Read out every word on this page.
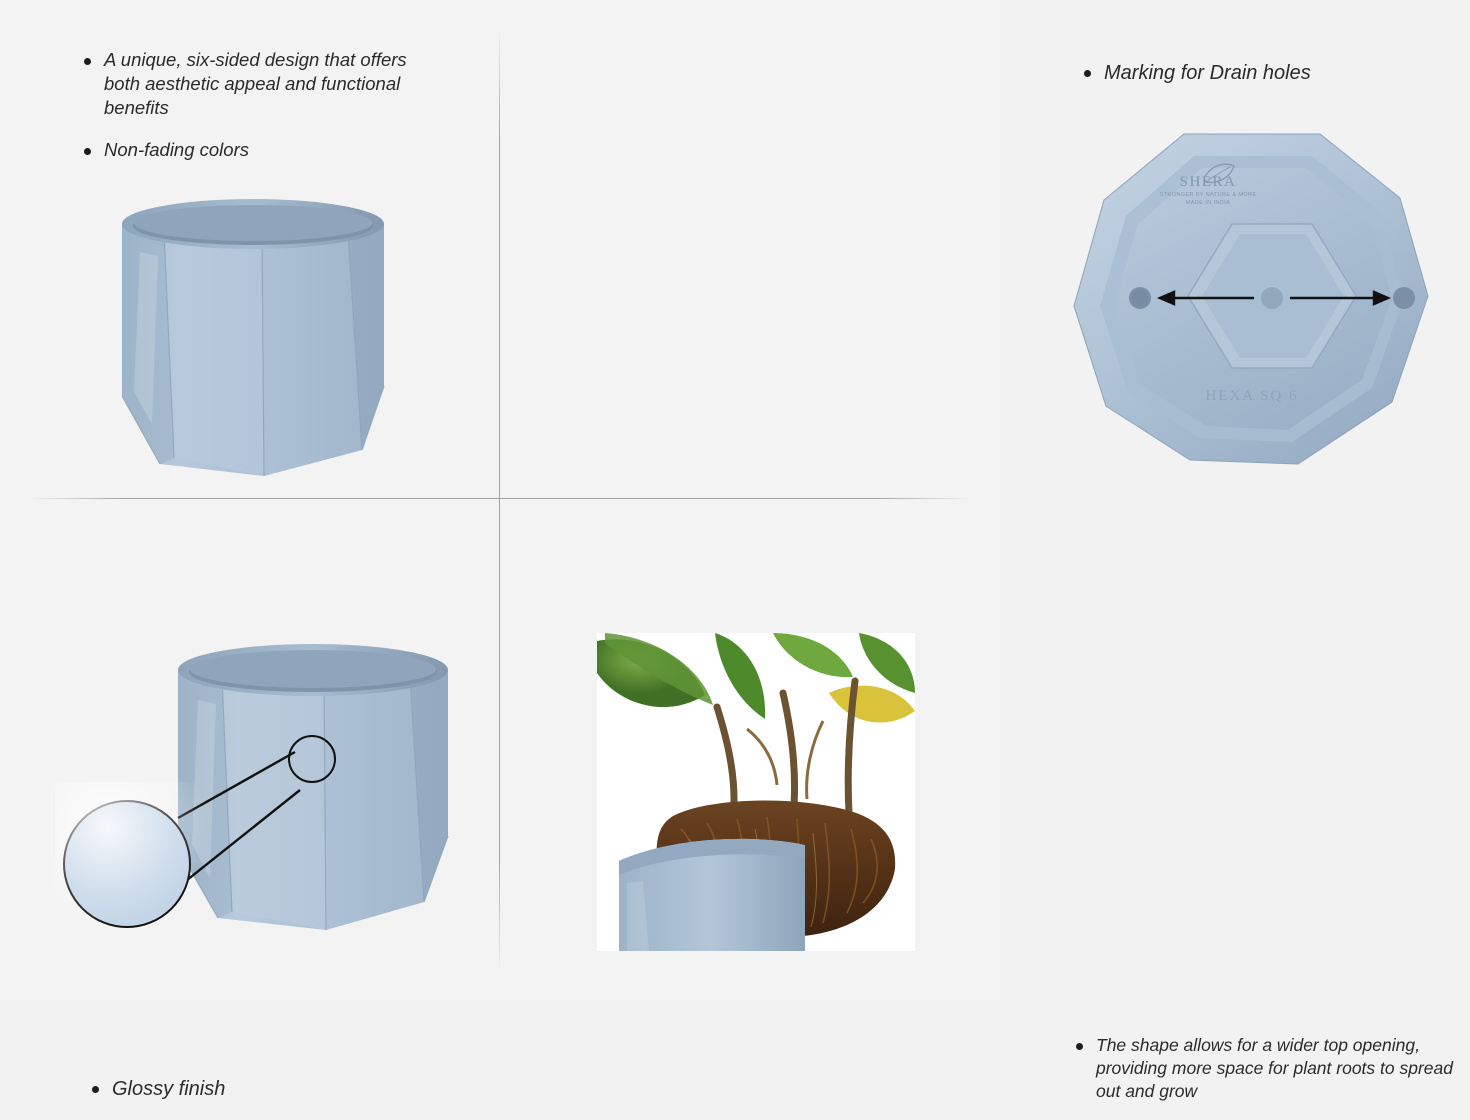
A unique, six-sided design that offers both aesthetic appeal and functional benefits
Non-fading colors
Marking for Drain holes
SHERA
STRONGER BY NATURE & MORE
MADE IN INDIA
HEXA SQ 6
Glossy finish
The shape allows for a wider top opening, providing more space for plant roots to spread out and grow
